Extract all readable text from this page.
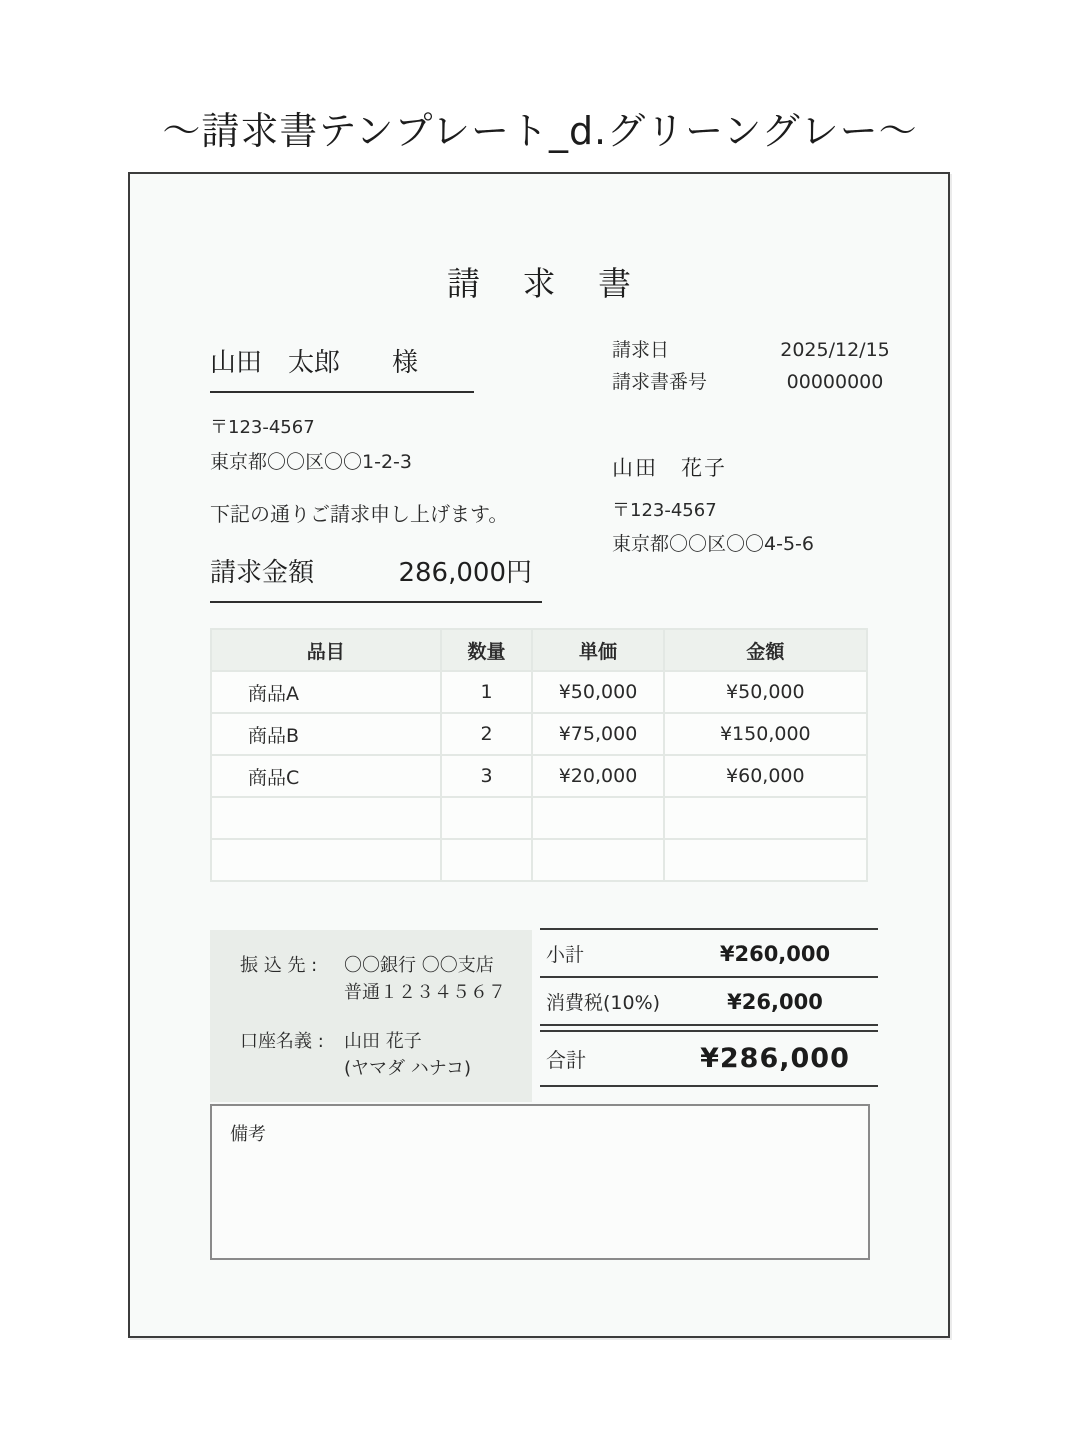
〜請求書テンプレート_d.グリーングレー〜
請 求 書
請求日	2025/12/15
請求書番号	00000000
山田　太郎　　様
〒123-4567
東京都〇〇区〇〇1-2-3	山田　花子
〒123-4567
東京都〇〇区〇〇4-5-6
下記の通りご請求申し上げます。
請求金額	286,000円
品目	数量	単価	金額
商品A	1	¥50,000	¥50,000
商品B	2	¥75,000	¥150,000
商品C	3	¥20,000	¥60,000

振 込 先 :	〇〇銀行 〇〇支店
普通１２３４５６７
口座名義 :	山田 花子
(ヤマダ ハナコ)
小計	¥260,000
消費税(10%)	¥26,000
合計	¥286,000
備考
